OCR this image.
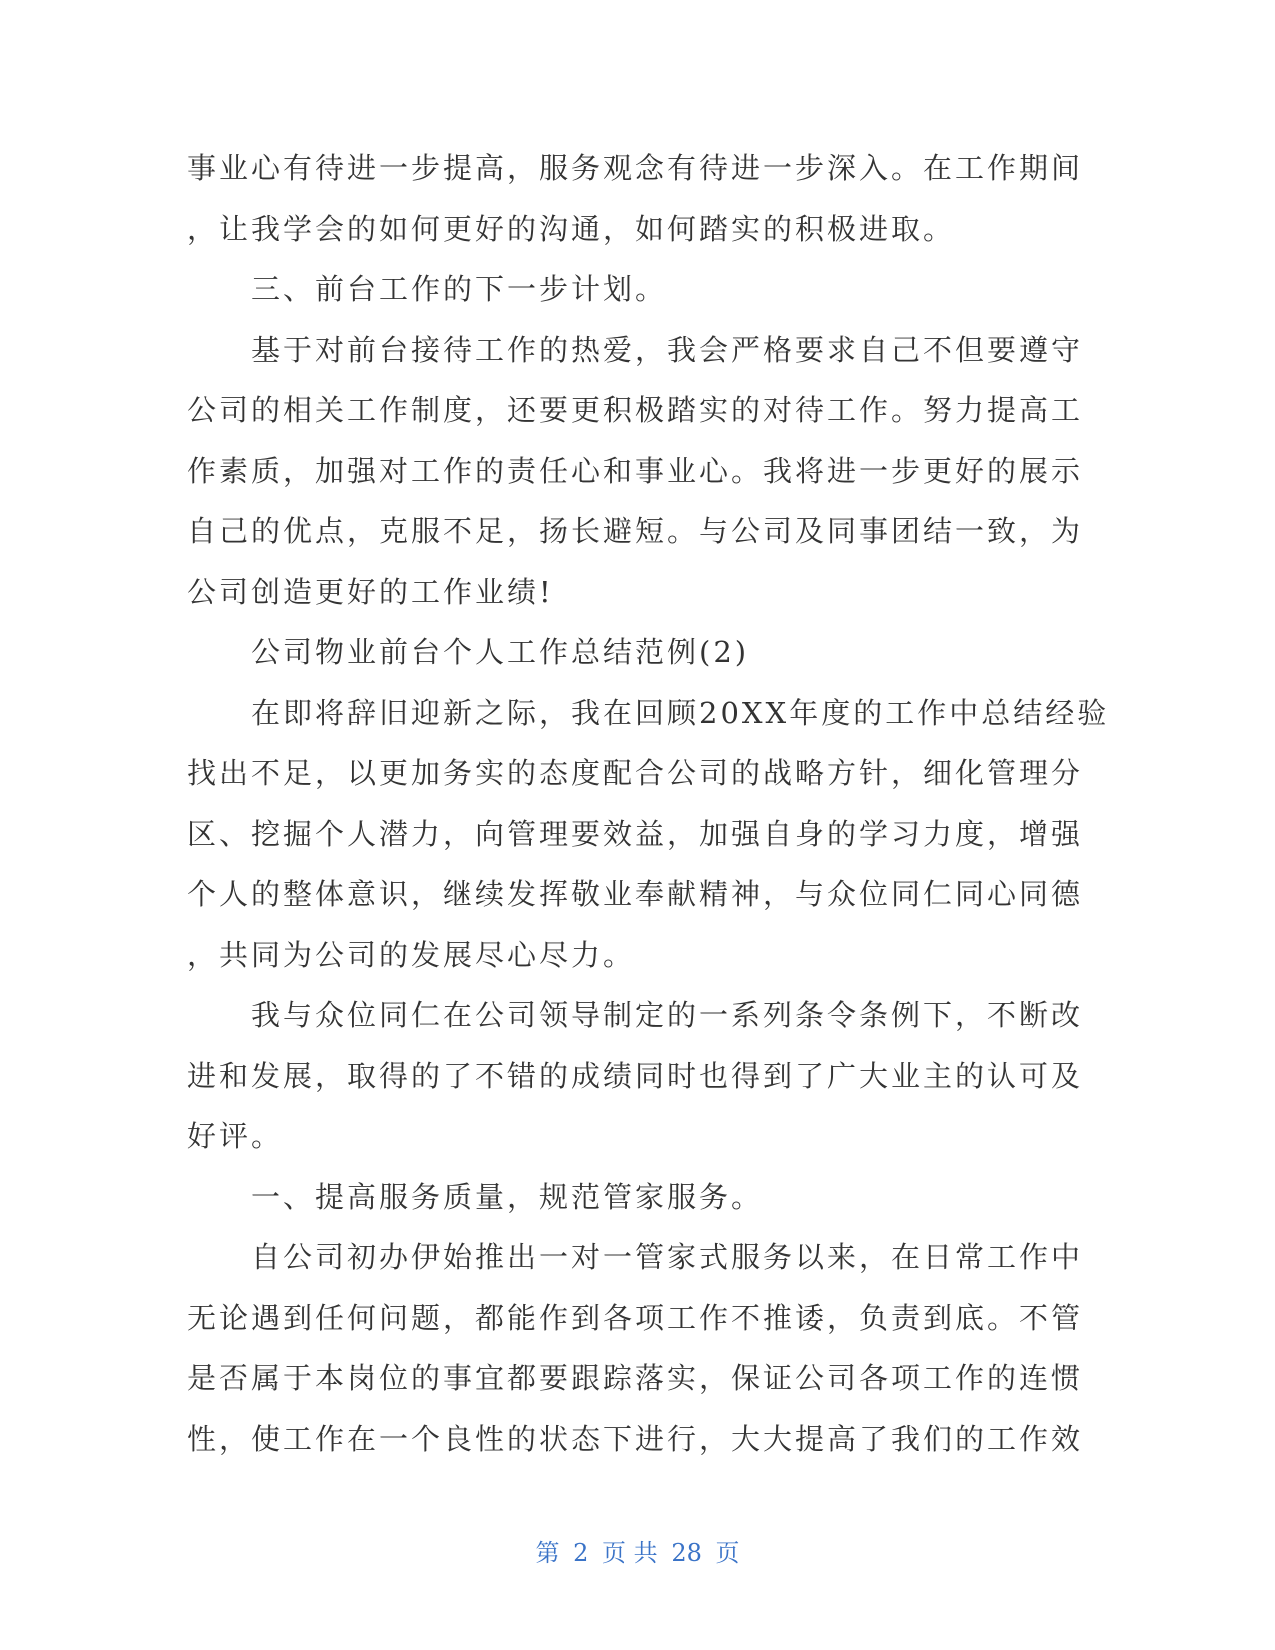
事业心有待进一步提高，服务观念有待进一步深入。在工作期间
，让我学会的如何更好的沟通，如何踏实的积极进取。
三、前台工作的下一步计划。
基于对前台接待工作的热爱，我会严格要求自己不但要遵守
公司的相关工作制度，还要更积极踏实的对待工作。努力提高工
作素质，加强对工作的责任心和事业心。我将进一步更好的展示
自己的优点，克服不足，扬长避短。与公司及同事团结一致，为
公司创造更好的工作业绩!
公司物业前台个人工作总结范例(2)
在即将辞旧迎新之际，我在回顾20XX年度的工作中总结经验
找出不足，以更加务实的态度配合公司的战略方针，细化管理分
区、挖掘个人潜力，向管理要效益，加强自身的学习力度，增强
个人的整体意识，继续发挥敬业奉献精神，与众位同仁同心同德
，共同为公司的发展尽心尽力。
我与众位同仁在公司领导制定的一系列条令条例下，不断改
进和发展，取得的了不错的成绩同时也得到了广大业主的认可及
好评。
一、提高服务质量，规范管家服务。
自公司初办伊始推出一对一管家式服务以来，在日常工作中
无论遇到任何问题，都能作到各项工作不推诿，负责到底。不管
是否属于本岗位的事宜都要跟踪落实，保证公司各项工作的连惯
性，使工作在一个良性的状态下进行，大大提高了我们的工作效
第 2 页 共 28 页
